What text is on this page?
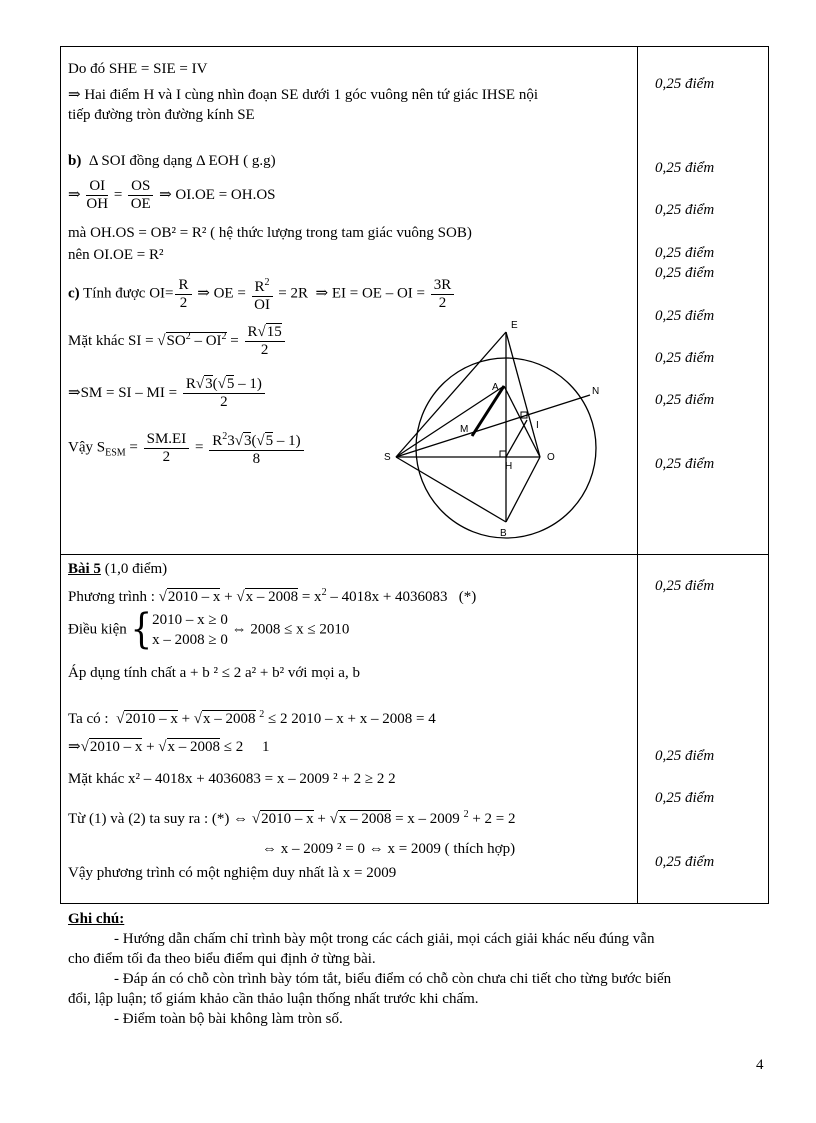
Do đó SHE = SIE = IV
⇒ Hai điểm H và I cùng nhìn đoạn SE dưới 1 góc vuông nên tứ giác IHSE nội
tiếp đường tròn đường kính SE
b) Δ SOI đồng dạng Δ EOH ( g.g)
⇒ $\frac{OI}{OH} = \frac{OS}{OE}$ ⇒ OI.OE = OH.OS
mà OH.OS = OB² = R² ( hệ thức lượng trong tam giác vuông SOB)
nên OI.OE = R²
c) Tính được $OI= \frac{R}{2}$ ⇒ OE = $\frac{R^2}{OI} = 2R$  ⇒ EI = OE – OI = $\frac{3R}{2}$
Mặt khác SI = $√SO^2 - OI^2 = \frac{R√15}{2}$
⇒SM = SI – MI = $\frac{R√3(√5 - 1)}{2}$
Vậy $S_{ESM} = \frac{SM.EI}{2} = \frac{R^23√3(√5 - 1)}{8}$
E
A	N
M	I
S
H
O
B
0,25 điểm
0,25 điểm
0,25 điểm
0,25 điểm
0,25 điểm
0,25 điểm
0,25 điểm
0,25 điểm
0,25 điểm
Bài 5 (1,0 điểm)
Phương trình : $√2010 - x + √x - 2008 = x^2 - 4018x + 4036083$   (*)
Điều kiện {2010 – x ≥ 0
x – 2008 ≥ 0 ⇔ 2008 ≤ x ≤ 2010
Áp dụng tính chất a + b ² ≤ 2 a² + b² với mọi a, b
Ta có :  √2010 – x + √x – 2008 $^2$ ≤ 2 2010 – x + x – 2008 = 4
⇒√2010 – x + √x – 2008 ≤ 2     1
Mặt khác x² – 4018x + 4036083 = x – 2009 ² + 2 ≥ 2 2
Từ (1) và (2) ta suy ra : (*) ⇔ √2010 – x + √x – 2008 = x – 2009 $^2$ + 2 = 2
⇔ x – 2009 ² = 0 ⇔ x = 2009 ( thích hợp)
Vậy phương trình có một nghiệm duy nhất là x = 2009
0,25 điểm
0,25 điểm
0,25 điểm
0,25 điểm
Ghi chú:
- Hướng dẫn chấm chỉ trình bày một trong các cách giải, mọi cách giải khác nếu đúng vẫn
cho điểm tối đa theo biểu điểm qui định ở từng bài.
- Đáp án có chỗ còn trình bày tóm tắt, biểu điểm có chỗ còn chưa chi tiết cho từng bước biến
đổi, lập luận; tổ giám khảo cần thảo luận thống nhất trước khi chấm.
- Điểm toàn bộ bài không làm tròn số.
4
